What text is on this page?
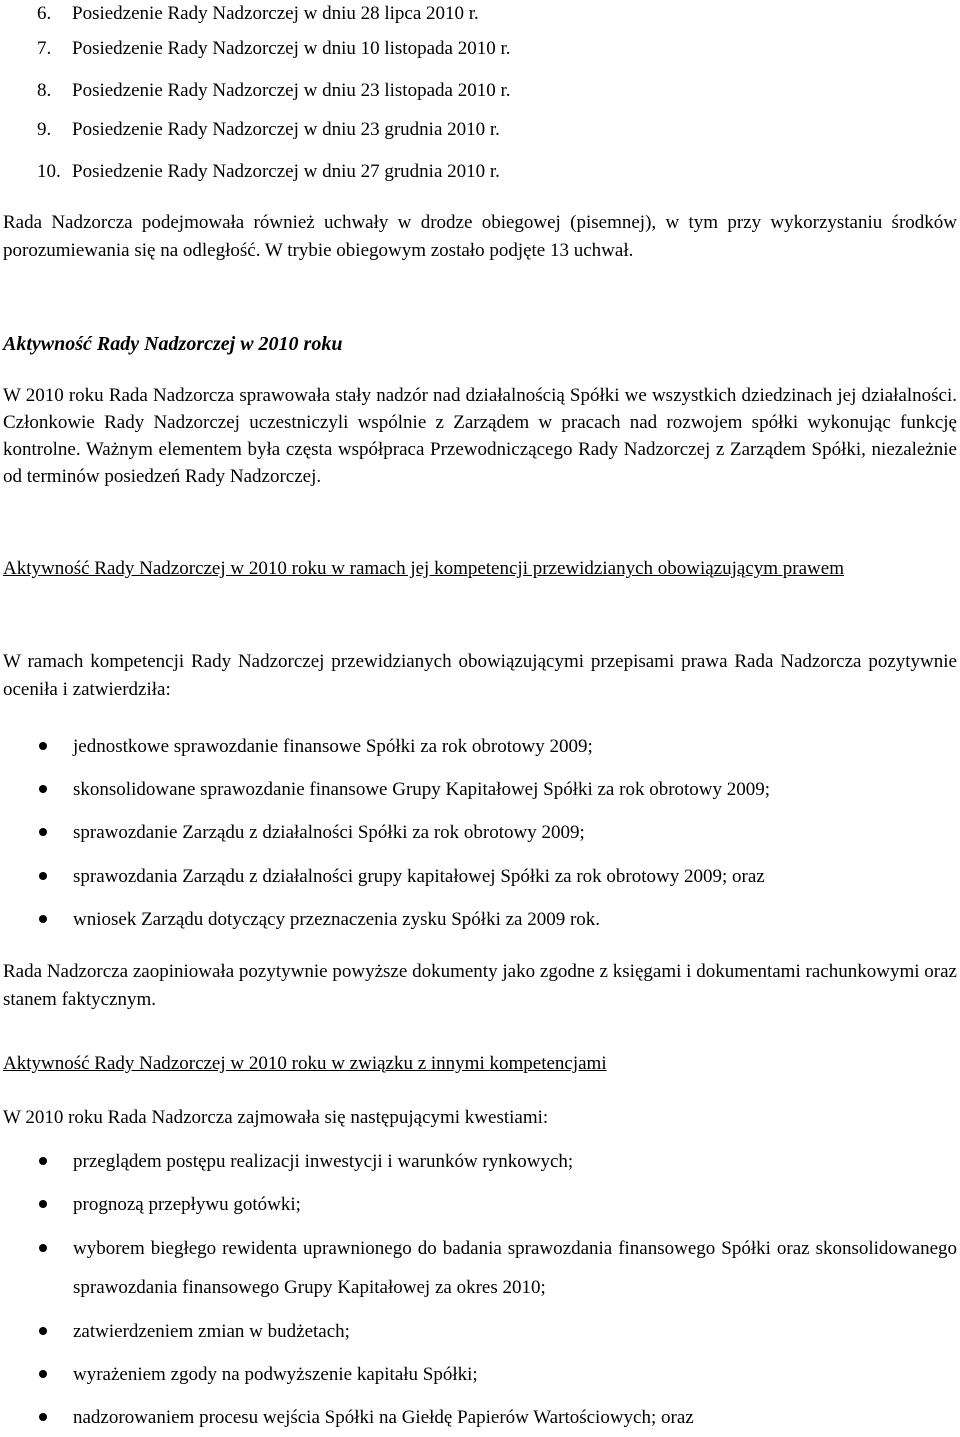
6. Posiedzenie Rady Nadzorczej w dniu 28 lipca 2010 r.
7. Posiedzenie Rady Nadzorczej w dniu 10 listopada 2010 r.
8. Posiedzenie Rady Nadzorczej w dniu 23 listopada 2010 r.
9. Posiedzenie Rady Nadzorczej w dniu 23 grudnia 2010 r.
10. Posiedzenie Rady Nadzorczej w dniu 27 grudnia 2010 r.

Rada Nadzorcza podejmowała również uchwały w drodze obiegowej (pisemnej), w tym przy wykorzystaniu środków porozumiewania się na odległość. W trybie obiegowym zostało podjęte 13 uchwał.

Aktywność Rady Nadzorczej w 2010 roku

W 2010 roku Rada Nadzorcza sprawowała stały nadzór nad działalnością Spółki we wszystkich dziedzinach jej działalności. Członkowie Rady Nadzorczej uczestniczyli wspólnie z Zarządem w pracach nad rozwojem spółki wykonując funkcję kontrolne. Ważnym elementem była częsta współpraca Przewodniczącego Rady Nadzorczej z Zarządem Spółki, niezależnie od terminów posiedzeń Rady Nadzorczej.

Aktywność Rady Nadzorczej w 2010 roku w ramach jej kompetencji przewidzianych obowiązującym prawem

W ramach kompetencji Rady Nadzorczej przewidzianych obowiązującymi przepisami prawa Rada Nadzorcza pozytywnie oceniła i zatwierdziła:

jednostkowe sprawozdanie finansowe Spółki za rok obrotowy 2009;
skonsolidowane sprawozdanie finansowe Grupy Kapitałowej Spółki za rok obrotowy 2009;
sprawozdanie Zarządu z działalności Spółki za rok obrotowy 2009;
sprawozdania Zarządu z działalności grupy kapitałowej Spółki za rok obrotowy 2009; oraz
wniosek Zarządu dotyczący przeznaczenia zysku Spółki za 2009 rok.

Rada Nadzorcza zaopiniowała pozytywnie powyższe dokumenty jako zgodne z księgami i dokumentami rachunkowymi oraz stanem faktycznym.

Aktywność Rady Nadzorczej w 2010 roku w związku z innymi kompetencjami

W 2010 roku Rada Nadzorcza zajmowała się następującymi kwestiami:

przeglądem postępu realizacji inwestycji i warunków rynkowych;
prognozą przepływu gotówki;
wyborem biegłego rewidenta uprawnionego do badania sprawozdania finansowego Spółki oraz skonsolidowanego sprawozdania finansowego Grupy Kapitałowej za okres 2010;
zatwierdzeniem zmian w budżetach;
wyrażeniem zgody na podwyższenie kapitału Spółki;
nadzorowaniem procesu wejścia Spółki na Giełdę Papierów Wartościowych; oraz
